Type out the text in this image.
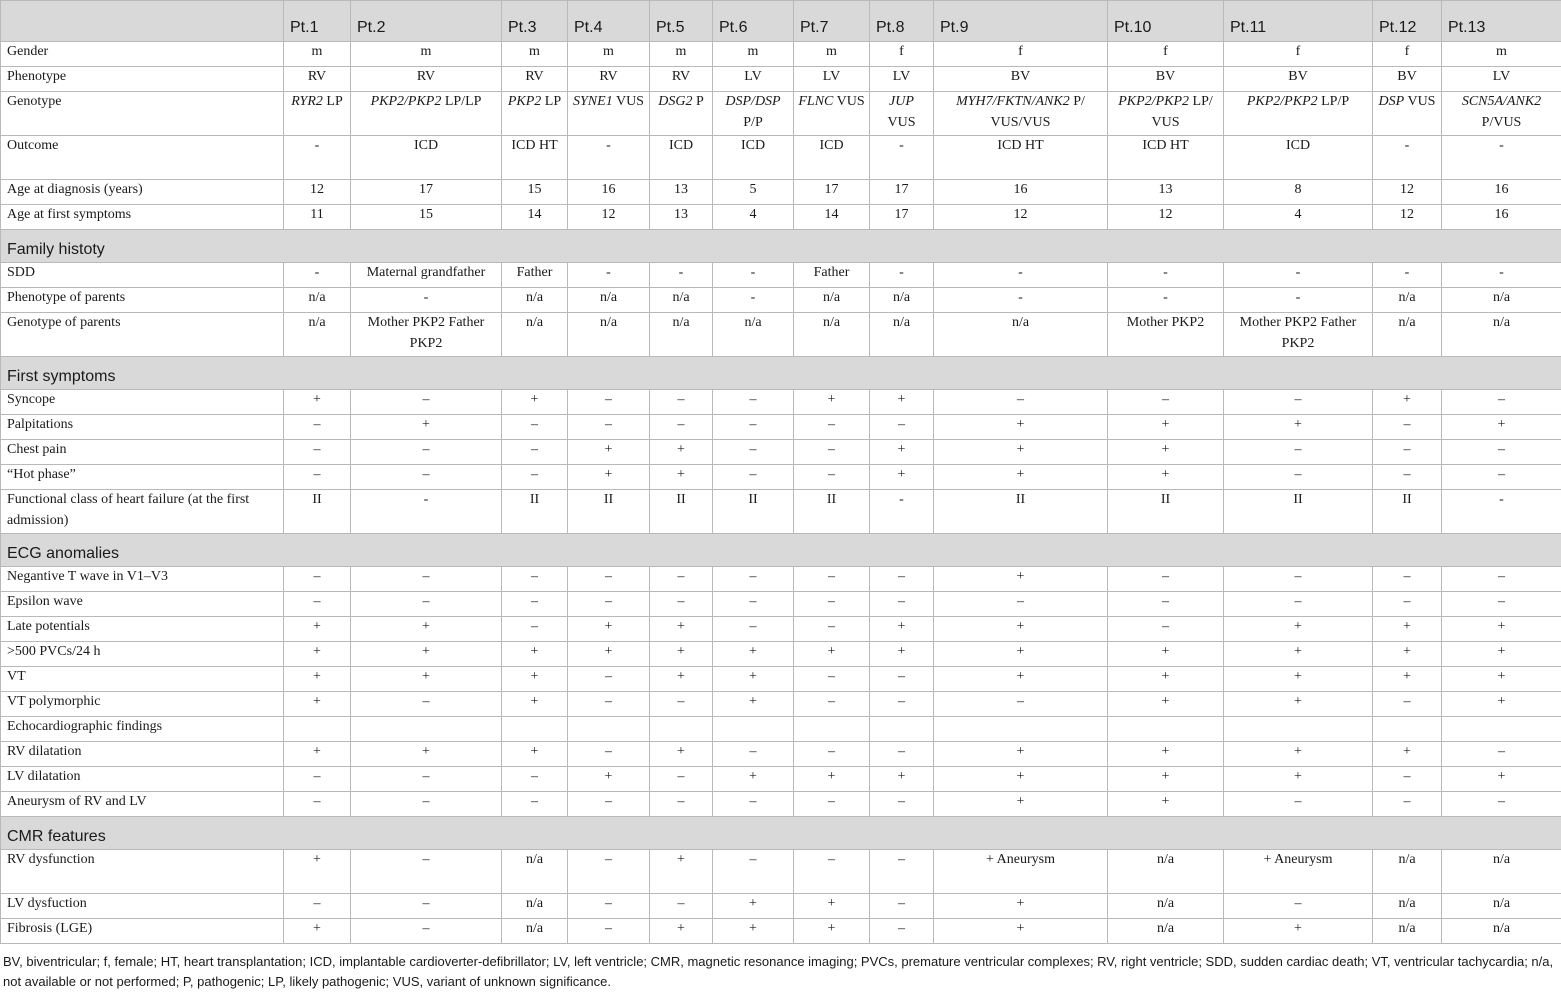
	Pt.1	Pt.2	Pt.3	Pt.4	Pt.5	Pt.6	Pt.7	Pt.8	Pt.9	Pt.10	Pt.11	Pt.12	Pt.13
Gender	m	m	m	m	m	m	m	f	f	f	f	f	m
Phenotype	RV	RV	RV	RV	RV	LV	LV	LV	BV	BV	BV	BV	LV
Genotype	RYR2 LP	PKP2/PKP2 LP/LP	PKP2 LP	SYNE1 VUS	DSG2 P	DSP/DSP P/P	FLNC VUS	JUP VUS	MYH7/FKTN/ANK2 P/ VUS/VUS	PKP2/PKP2 LP/ VUS	PKP2/PKP2 LP/P	DSP VUS	SCN5A/ANK2 P/VUS
Outcome	-	ICD	ICD HT	-	ICD	ICD	ICD	-	ICD HT	ICD HT	ICD	-	-
Age at diagnosis (years)	12	17	15	16	13	5	17	17	16	13	8	12	16
Age at first symptoms	11	15	14	12	13	4	14	17	12	12	4	12	16
Family histoty													
SDD	-	Maternal grandfather	Father	-	-	-	Father	-	-	-	-	-	-
Phenotype of parents	n/a	-	n/a	n/a	n/a	-	n/a	n/a	-	-	-	n/a	n/a
Genotype of parents	n/a	Mother PKP2 Father PKP2	n/a	n/a	n/a	n/a	n/a	n/a	n/a	Mother PKP2	Mother PKP2 Father PKP2	n/a	n/a
First symptoms													
Syncope	+	–	+	–	–	–	+	+	–	–	–	+	–
Palpitations	–	+	–	–	–	–	–	–	+	+	+	–	+
Chest pain	–	–	–	+	+	–	–	+	+	+	–	–	–
“Hot phase”	–	–	–	+	+	–	–	+	+	+	–	–	–
Functional class of heart failure (at the first admission)	II	-	II	II	II	II	II	-	II	II	II	II	-
ECG anomalies													
Negantive T wave in V1–V3	–	–	–	–	–	–	–	–	+	–	–	–	–
Epsilon wave	–	–	–	–	–	–	–	–	–	–	–	–	–
Late potentials	+	+	–	+	+	–	–	+	+	–	+	+	+
>500 PVCs/24 h	+	+	+	+	+	+	+	+	+	+	+	+	+
VT	+	+	+	–	+	+	–	–	+	+	+	+	+
VT polymorphic	+	–	+	–	–	+	–	–	–	+	+	–	+
Echocardiographic findings													
RV dilatation	+	+	+	–	+	–	–	–	+	+	+	+	–
LV dilatation	–	–	–	+	–	+	+	+	+	+	+	–	+
Aneurysm of RV and LV	–	–	–	–	–	–	–	–	+	+	–	–	–
CMR features													
RV dysfunction	+	–	n/a	–	+	–	–	–	+ Aneurysm	n/a	+ Aneurysm	n/a	n/a
LV dysfuction	–	–	n/a	–	–	+	+	–	+	n/a	–	n/a	n/a
Fibrosis (LGE)	+	–	n/a	–	+	+	+	–	+	n/a	+	n/a	n/a
BV, biventricular; f, female; HT, heart transplantation; ICD, implantable cardioverter-defibrillator; LV, left ventricle; CMR, magnetic resonance imaging; PVCs, premature ventricular complexes; RV, right ventricle; SDD, sudden cardiac death; VT, ventricular tachycardia; n/a, not available or not performed; P, pathogenic; LP, likely pathogenic; VUS, variant of unknown significance.
